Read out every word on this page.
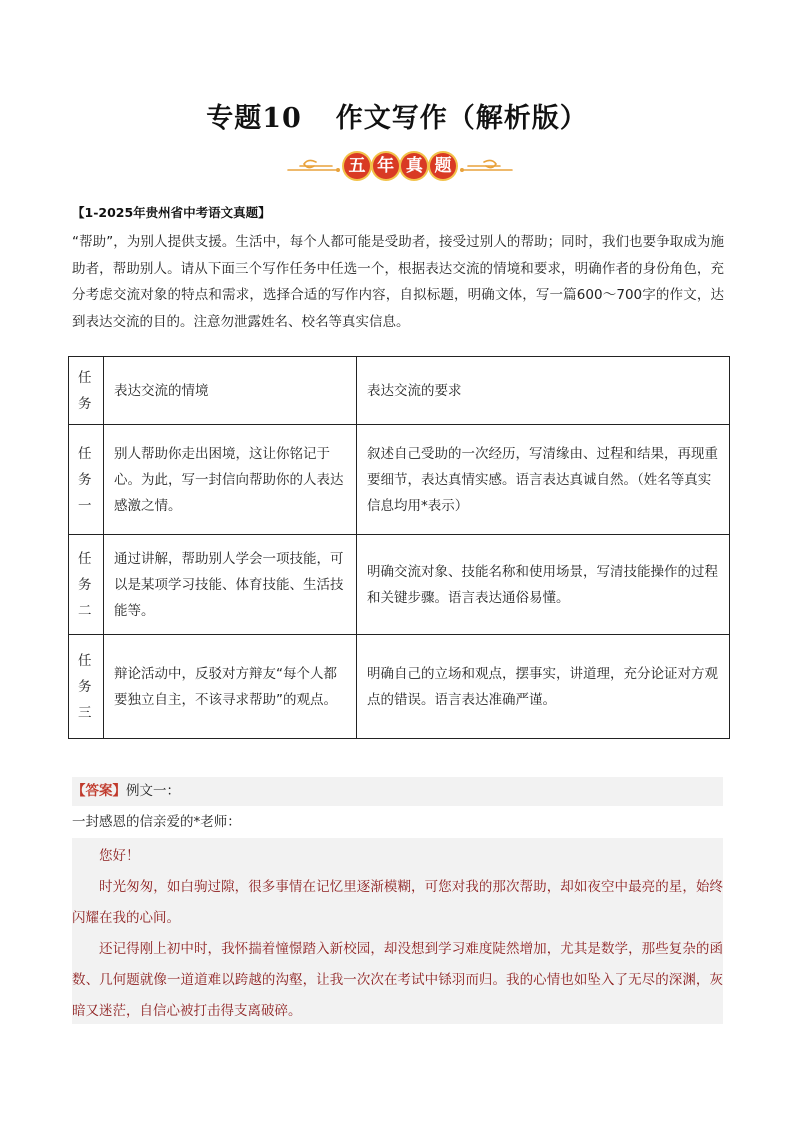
专题10 作文写作（解析版）
五 年 真 题
【1-2025年贵州省中考语文真题】
“帮助”，为别人提供支援。生活中，每个人都可能是受助者，接受过别人的帮助；同时，我们也要争取成为施助者，帮助别人。请从下面三个写作任务中任选一个，根据表达交流的情境和要求，明确作者的身份角色，充分考虑交流对象的特点和需求，选择合适的写作内容，自拟标题，明确文体，写一篇600～700字的作文，达到表达交流的目的。注意勿泄露姓名、校名等真实信息。
任务	表达交流的情境	表达交流的要求
任务一	别人帮助你走出困境，这让你铭记于心。为此，写一封信向帮助你的人表达感激之情。	叙述自己受助的一次经历，写清缘由、过程和结果，再现重要细节，表达真情实感。语言表达真诚自然。（姓名等真实信息均用*表示）
任务二	通过讲解，帮助别人学会一项技能，可以是某项学习技能、体育技能、生活技能等。	明确交流对象、技能名称和使用场景，写清技能操作的过程和关键步骤。语言表达通俗易懂。
任务三	辩论活动中，反驳对方辩友“每个人都要独立自主，不该寻求帮助”的观点。	明确自己的立场和观点，摆事实，讲道理，充分论证对方观点的错误。语言表达准确严谨。
【答案】例文一：
一封感恩的信亲爱的*老师：

您好！

时光匆匆，如白驹过隙，很多事情在记忆里逐渐模糊，可您对我的那次帮助，却如夜空中最亮的星，始终闪耀在我的心间。

还记得刚上初中时，我怀揣着憧憬踏入新校园，却没想到学习难度陡然增加，尤其是数学，那些复杂的函数、几何题就像一道道难以跨越的沟壑，让我一次次在考试中铩羽而归。我的心情也如坠入了无尽的深渊，灰暗又迷茫，自信心被打击得支离破碎。
